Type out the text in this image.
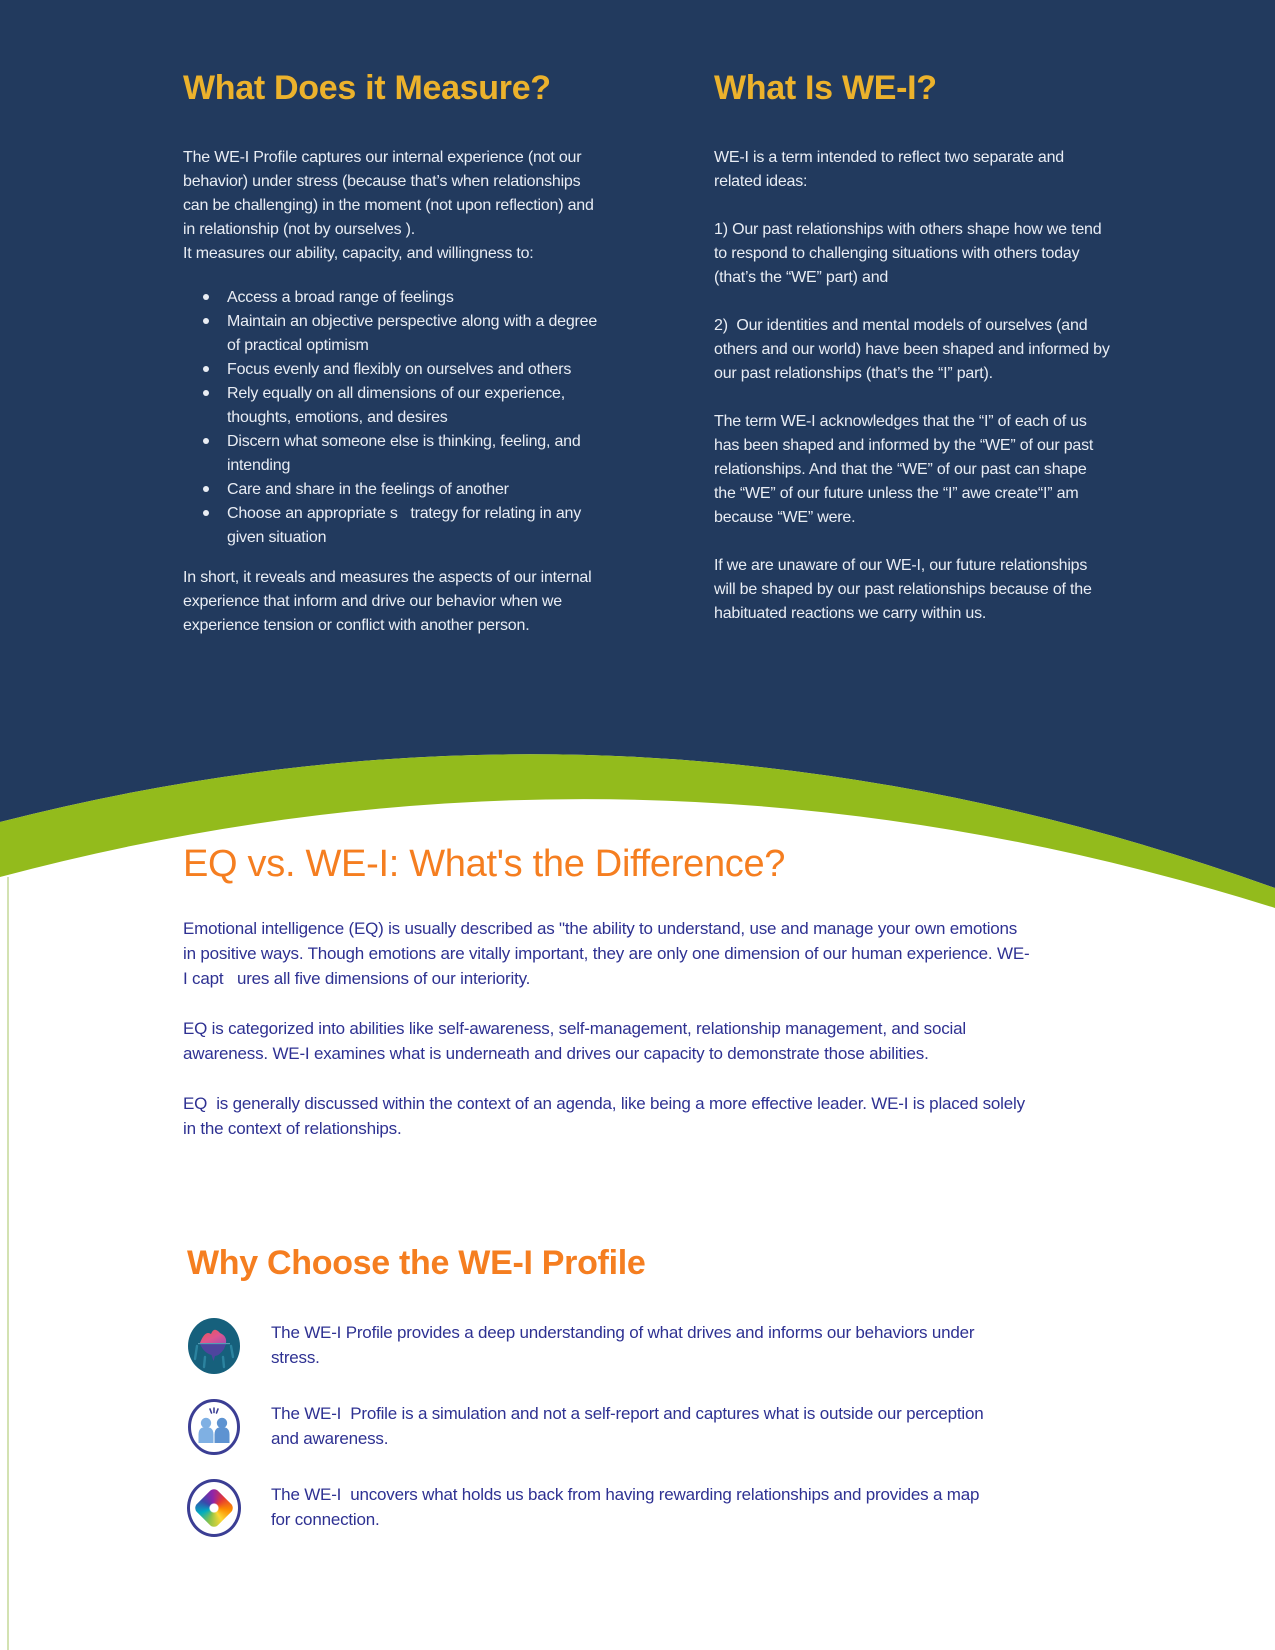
What Does it Measure?

The WE-I Profile captures our internal experience (not our behavior) under stress (because that’s when relationships can be challenging) in the moment (not upon reflection) and in relationship (not by ourselves ).

It measures our ability, capacity, and willingness to:

Access a broad range of feelings
Maintain an objective perspective along with a degree of practical optimism
Focus evenly and flexibly on ourselves and others
Rely equally on all dimensions of our experience, thoughts, emotions, and desires
Discern what someone else is thinking, feeling, and intending
Care and share in the feelings of another
Choose an appropriate s   trategy for relating in any given situation

In short, it reveals and measures the aspects of our internal experience that inform and drive our behavior when we experience tension or conflict with another person.

What Is WE-I?

WE-I is a term intended to reflect two separate and related ideas:

1) Our past relationships with others shape how we tend to respond to challenging situations with others today (that’s the “WE” part) and

2)  Our identities and mental models of ourselves (and others and our world) have been shaped and informed by our past relationships (that’s the “I” part).

The term WE-I acknowledges that the “I” of each of us has been shaped and informed by the “WE” of our past relationships. And that the “WE” of our past can shape the “WE” of our future unless the “I” awe create“I” am because “WE” were.

If we are unaware of our WE-I, our future relationships will be shaped by our past relationships because of the habituated reactions we carry within us.

EQ vs. WE-I: What's the Difference?

Emotional intelligence (EQ) is usually described as "the ability to understand, use and manage your own emotions in positive ways. Though emotions are vitally important, they are only one dimension of our human experience. WE-I capt   ures all five dimensions of our interiority.

EQ is categorized into abilities like self-awareness, self-management, relationship management, and social awareness. WE-I examines what is underneath and drives our capacity to demonstrate those abilities.

EQ  is generally discussed within the context of an agenda, like being a more effective leader. WE-I is placed solely in the context of relationships.

Why Choose the WE-I Profile

The WE-I Profile provides a deep understanding of what drives and informs our behaviors under stress.

The WE-I  Profile is a simulation and not a self-report and captures what is outside our perception and awareness.

The WE-I  uncovers what holds us back from having rewarding relationships and provides a map for connection.
